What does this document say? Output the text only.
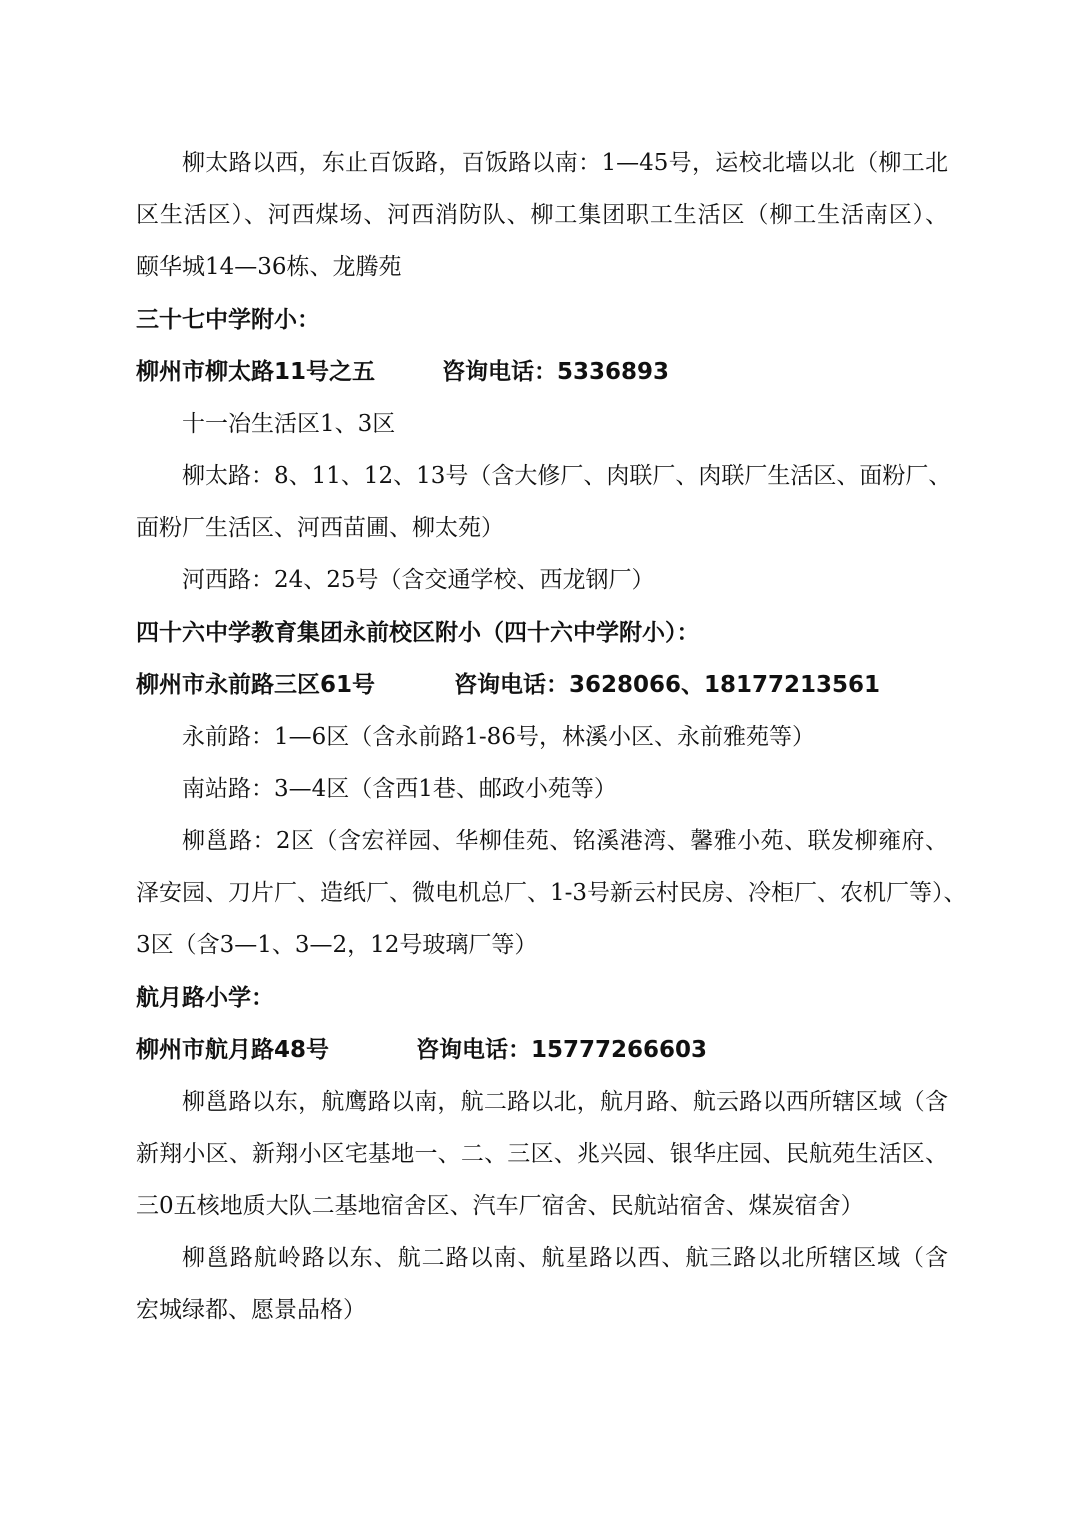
柳太路以西，东止百饭路，百饭路以南：1—45号，运校北墙以北（柳工北
区生活区）、河西煤场、河西消防队、柳工集团职工生活区（柳工生活南区）、
颐华城14—36栋、龙腾苑
三十七中学附小：
柳州市柳太路11号之五	咨询电话：5336893
十一冶生活区1、3区
柳太路：8、11、12、13号（含大修厂、肉联厂、肉联厂生活区、面粉厂、
面粉厂生活区、河西苗圃、柳太苑）
河西路：24、25号（含交通学校、西龙钢厂）
四十六中学教育集团永前校区附小（四十六中学附小）：
柳州市永前路三区61号	咨询电话：3628066、18177213561
永前路：1—6区（含永前路1-86号，林溪小区、永前雅苑等）
南站路：3—4区（含西1巷、邮政小苑等）
柳邕路：2区（含宏祥园、华柳佳苑、铭溪港湾、馨雅小苑、联发柳雍府、
泽安园、刀片厂、造纸厂、微电机总厂、1-3号新云村民房、冷柜厂、农机厂等）、
3区（含3—1、3—2，12号玻璃厂等）
航月路小学：
柳州市航月路48号	咨询电话：15777266603
柳邕路以东，航鹰路以南，航二路以北，航月路、航云路以西所辖区域（含
新翔小区、新翔小区宅基地一、二、三区、兆兴园、银华庄园、民航苑生活区、
三0五核地质大队二基地宿舍区、汽车厂宿舍、民航站宿舍、煤炭宿舍）
柳邕路航岭路以东、航二路以南、航星路以西、航三路以北所辖区域（含
宏城绿都、愿景品格）
